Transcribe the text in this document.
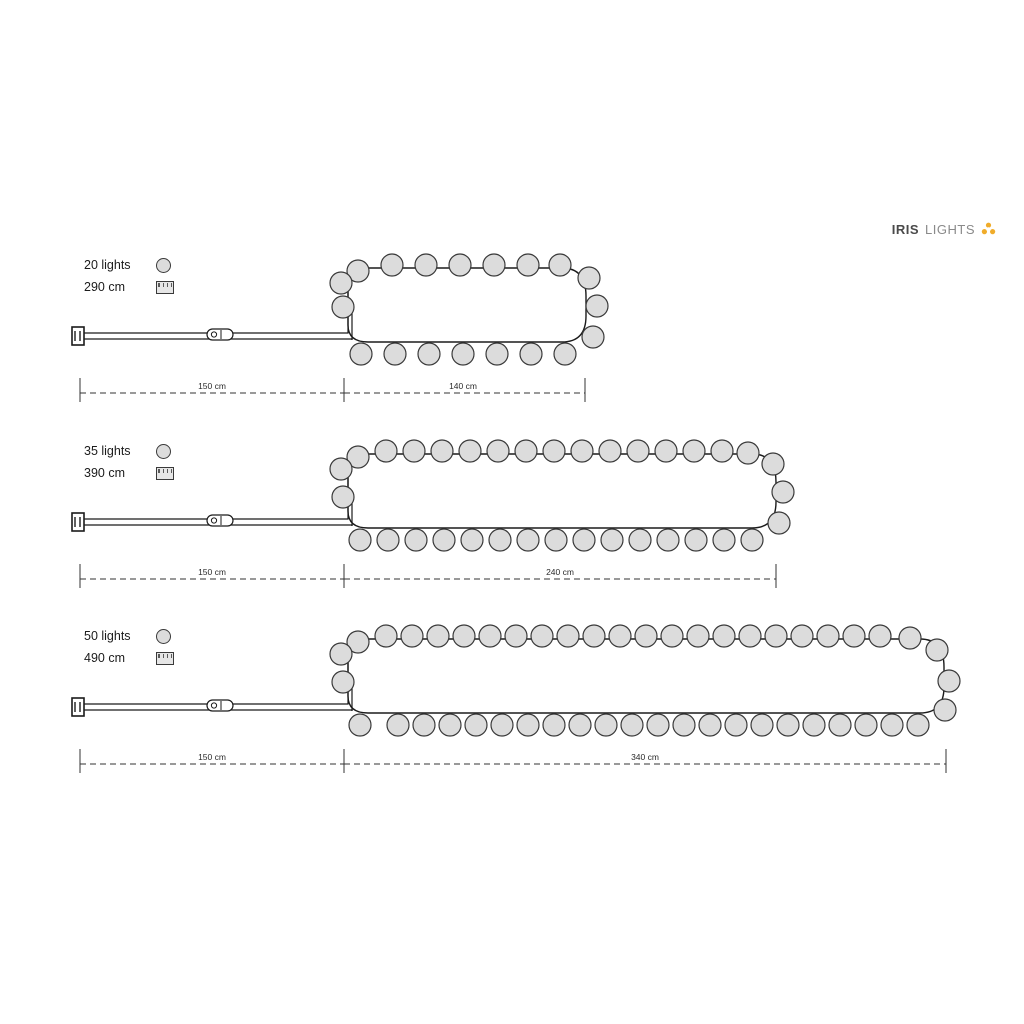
IRIS LIGHTS
20 lights
290 cm
35 lights
390 cm
50 lights
490 cm
150 cm	140 cm
150 cm	240 cm
150 cm	340 cm
